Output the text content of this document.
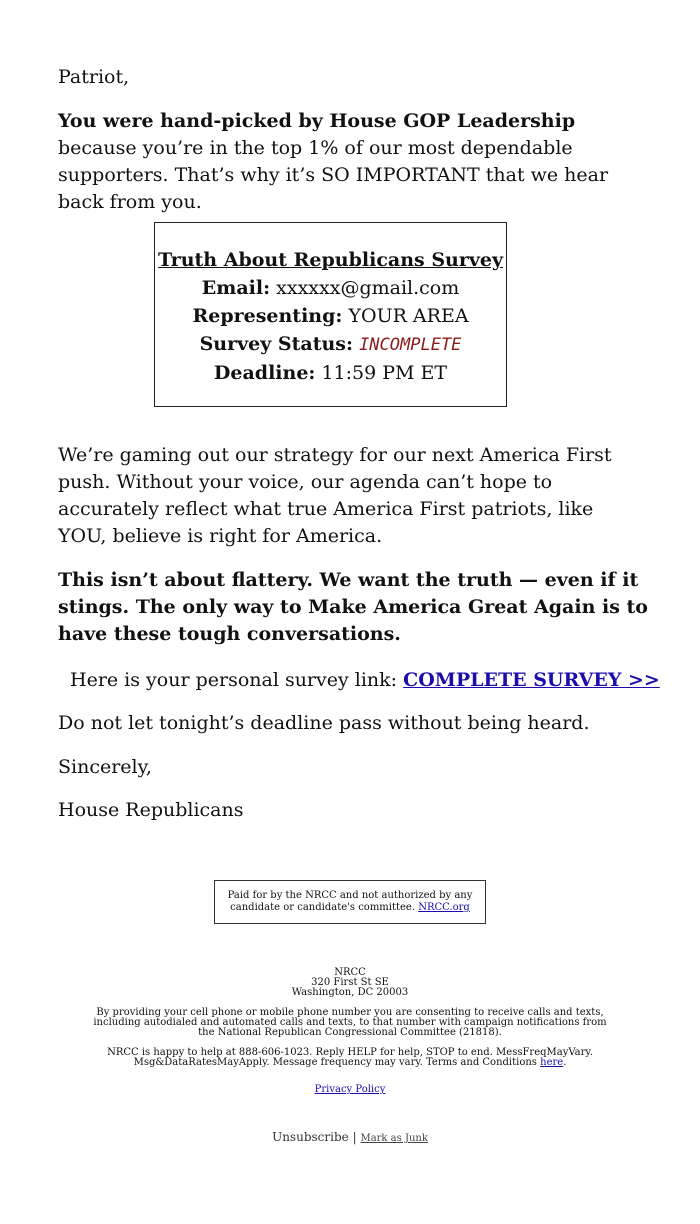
Patriot,

You were hand-picked by House GOP Leadership
because you’re in the top 1% of our most dependable supporters. That’s why it’s SO IMPORTANT that we hear back from you.

Truth About Republicans Survey
Email: xxxxxx@gmail.com
Representing: YOUR AREA
Survey Status: INCOMPLETE
Deadline: 11:59 PM ET

We’re gaming out our strategy for our next America First push. Without your voice, our agenda can’t hope to accurately reflect what true America First patriots, like YOU, believe is right for America.

This isn’t about flattery. We want the truth — even if it stings. The only way to Make America Great Again is to have these tough conversations.

Here is your personal survey link: COMPLETE SURVEY >>

Do not let tonight’s deadline pass without being heard.

Sincerely,

House Republicans

Paid for by the NRCC and not authorized by any candidate or candidate's committee. NRCC.org

NRCC

320 First St SE

Washington, DC 20003

By providing your cell phone or mobile phone number you are consenting to receive calls and texts, including autodialed and automated calls and texts, to that number with campaign notifications from the National Republican Congressional Committee (21818).

NRCC is happy to help at 888-606-1023. Reply HELP for help, STOP to end. MessFreqMayVary. Msg&DataRatesMayApply. Message frequency may vary. Terms and Conditions here.

Privacy Policy
Unsubscribe | Mark as Junk
